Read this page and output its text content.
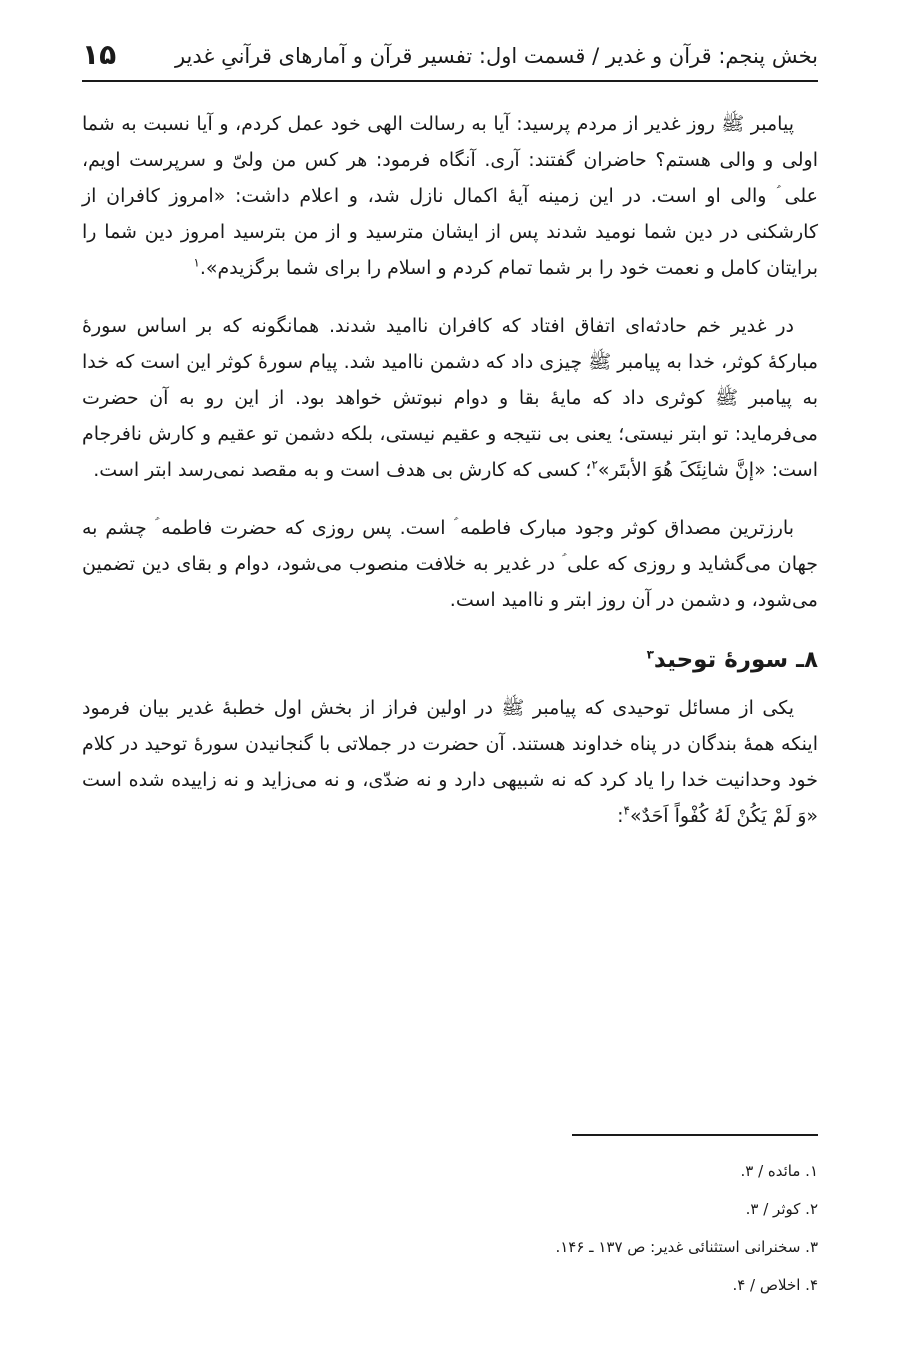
بخش پنجم: قرآن و غدیر / قسمت اول: تفسیر قرآن و آمارهای قرآنیِ غدیر
۱۵

پیامبر ﷺ روز غدیر از مردم پرسید: آیا به رسالت الهی خود عمل کردم، و آیا نسبت به شما اولی و والی هستم؟ حاضران گفتند: آری. آنگاه فرمود: هر کس من ولیّ و سرپرست اویم، علی ؑ والی او است. در این زمینه آیهٔ اکمال نازل شد، و اعلام داشت: «امروز کافران از کارشکنی در دین شما نومید شدند پس از ایشان مترسید و از من بترسید امروز دین شما را برایتان کامل و نعمت خود را بر شما تمام کردم و اسلام را برای شما برگزیدم».$^۱$

در غدیر خم حادثه‌ای اتفاق افتاد که کافران ناامید شدند. همانگونه که بر اساس سورهٔ مبارکهٔ کوثر، خدا به پیامبر ﷺ چیزی داد که دشمن ناامید شد. پیام سورهٔ کوثر این است که خدا به پیامبر ﷺ کوثری داد که مایهٔ بقا و دوام نبوتش خواهد بود. از این رو به آن حضرت می‌فرماید: تو ابتر نیستی؛ یعنی بی نتیجه و عقیم نیستی، بلکه دشمن تو عقیم و کارش نافرجام است: «إنَّ شانِئَکَ هُوَ الأبتَر»$^۲$؛ کسی که کارش بی هدف است و به مقصد نمی‌رسد ابتر است.

بارزترین مصداق کوثر وجود مبارک فاطمه ؑ است. پس روزی که حضرت فاطمه ؑ چشم به جهان می‌گشاید و روزی که علی ؑ در غدیر به خلافت منصوب می‌شود، دوام و بقای دین تضمین می‌شود، و دشمن در آن روز ابتر و ناامید است.

۸ـ سورهٔ توحید$^۳$

یکی از مسائل توحیدی که پیامبر ﷺ در اولین فراز از بخش اول خطبهٔ غدیر بیان فرمود اینکه همهٔ بندگان در پناه خداوند هستند. آن حضرت در جملاتی با گنجانیدن سورهٔ توحید در کلام خود وحدانیت خدا را یاد کرد که نه شبیهی دارد و نه ضدّی، و نه می‌زاید و نه زاییده شده است «وَ لَمْ یَکُنْ لَهُ کُفْواً اَحَدٌ»$^۴$:

۱. مائده / ۳.
۲. کوثر / ۳.
۳. سخنرانی استثنائی غدیر: ص ۱۳۷ ـ ۱۴۶.
۴. اخلاص / ۴.
